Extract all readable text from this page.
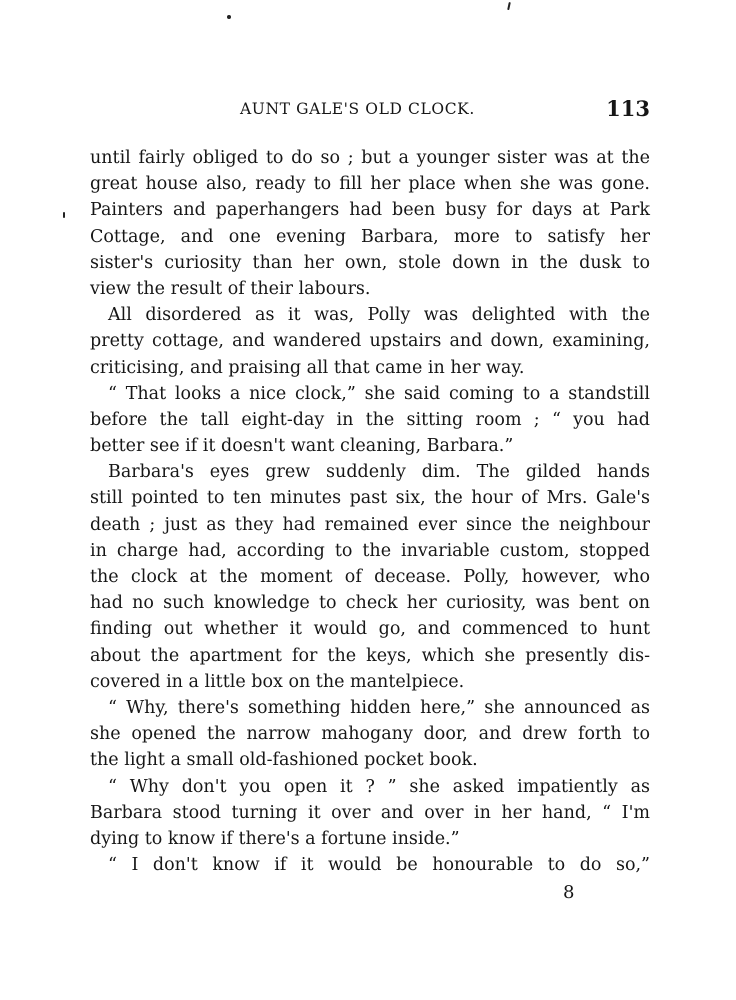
AUNT GALE'S OLD CLOCK.	113
until fairly obliged to do so ; but a younger sister was at the
great house also, ready to fill her place when she was gone.
Painters and paperhangers had been busy for days at Park
Cottage, and one evening Barbara, more to satisfy her
sister's curiosity than her own, stole down in the dusk to
view the result of their labours.
All disordered as it was, Polly was delighted with the
pretty cottage, and wandered upstairs and down, examining,
criticising, and praising all that came in her way.
“ That looks a nice clock,” she said coming to a standstill
before the tall eight-day in the sitting room ; “ you had
better see if it doesn't want cleaning, Barbara.”
Barbara's eyes grew suddenly dim. The gilded hands
still pointed to ten minutes past six, the hour of Mrs. Gale's
death ; just as they had remained ever since the neighbour
in charge had, according to the invariable custom, stopped
the clock at the moment of decease. Polly, however, who
had no such knowledge to check her curiosity, was bent on
finding out whether it would go, and commenced to hunt
about the apartment for the keys, which she presently dis-
covered in a little box on the mantelpiece.
“ Why, there's something hidden here,” she announced as
she opened the narrow mahogany door, and drew forth to
the light a small old-fashioned pocket book.
“ Why don't you open it ? ” she asked impatiently as
Barbara stood turning it over and over in her hand, “ I'm
dying to know if there's a fortune inside.”
“ I don't know if it would be honourable to do so,”
8
